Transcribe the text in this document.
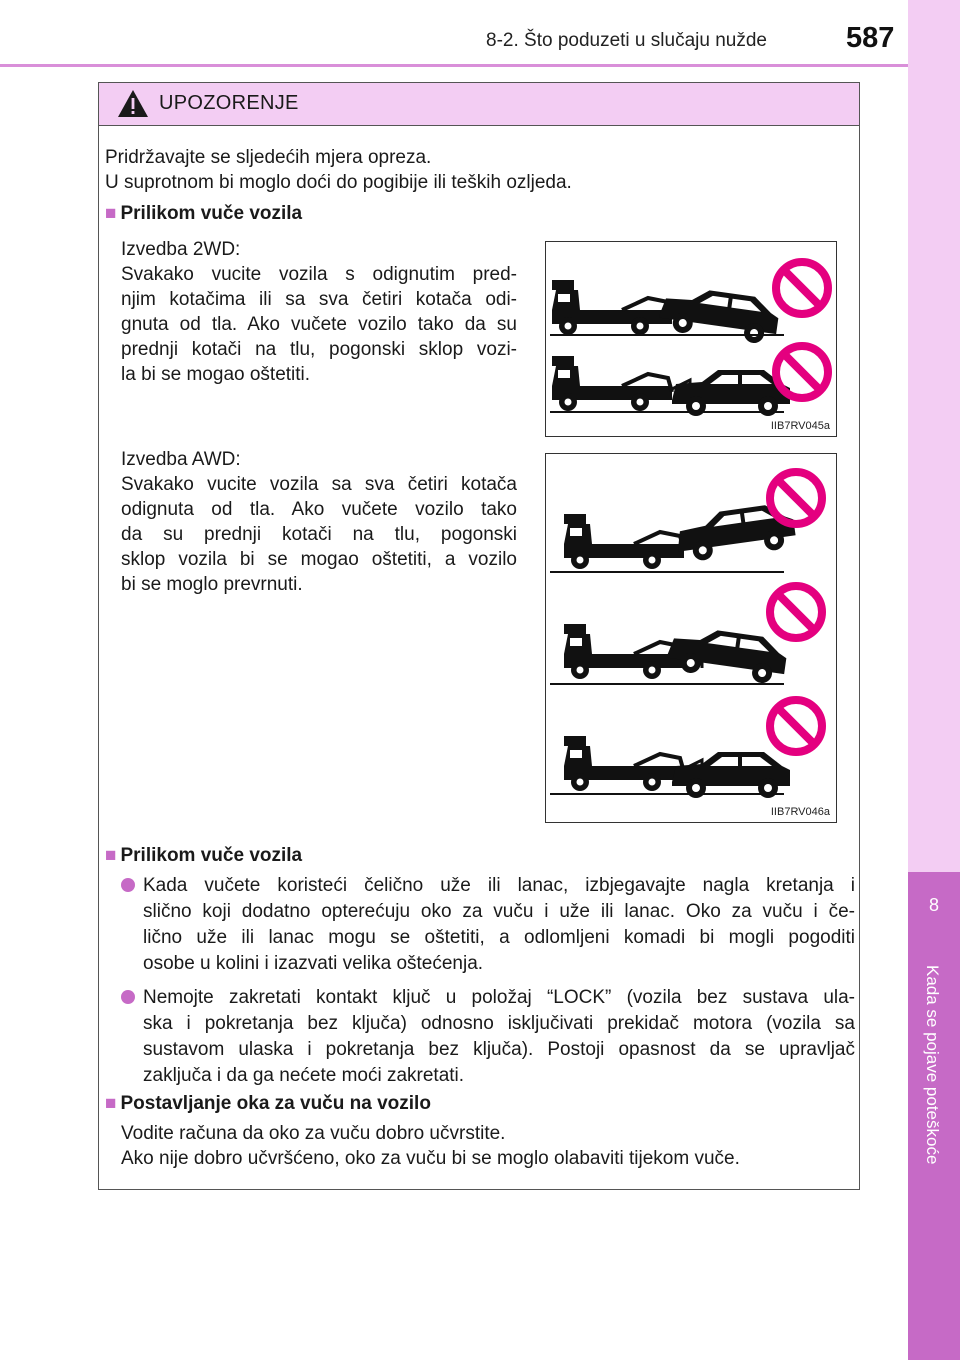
8-2. Što poduzeti u slučaju nužde	587
8
Kada se pojave poteškoće
UPOZORENJE
Pridržavajte se sljedećih mjera opreza.
U suprotnom bi moglo doći do pogibije ili teških ozljeda.
■ Prilikom vuče vozila
Izvedba 2WD:
Svakako vucite vozila s odignutim pred-
njim kotačima ili sa sva četiri kotača odi-
gnuta od tla. Ako vučete vozilo tako da su
prednji kotači na tlu, pogonski sklop vozi-
la bi se mogao oštetiti.
Izvedba AWD:
Svakako vucite vozila sa sva četiri kotača
odignuta od tla. Ako vučete vozilo tako
da su prednji kotači na tlu, pogonski
sklop vozila bi se mogao oštetiti, a vozilo
bi se moglo prevrnuti.
IIB7RV045a
IIB7RV046a
■ Prilikom vuče vozila
Kada vučete koristeći čelično uže ili lanac, izbjegavajte nagla kretanja i
slično koji dodatno opterećuju oko za vuču i uže ili lanac. Oko za vuču i če-
lično uže ili lanac mogu se oštetiti, a odlomljeni komadi bi mogli pogoditi
osobe u kolini i izazvati velika oštećenja.
Nemojte zakretati kontakt ključ u položaj “LOCK” (vozila bez sustava ula-
ska i pokretanja bez ključa) odnosno isključivati prekidač motora (vozila sa
sustavom ulaska i pokretanja bez ključa). Postoji opasnost da se upravljač
zaključa i da ga nećete moći zakretati.
■ Postavljanje oka za vuču na vozilo
Vodite računa da oko za vuču dobro učvrstite.
Ako nije dobro učvršćeno, oko za vuču bi se moglo olabaviti tijekom vuče.
